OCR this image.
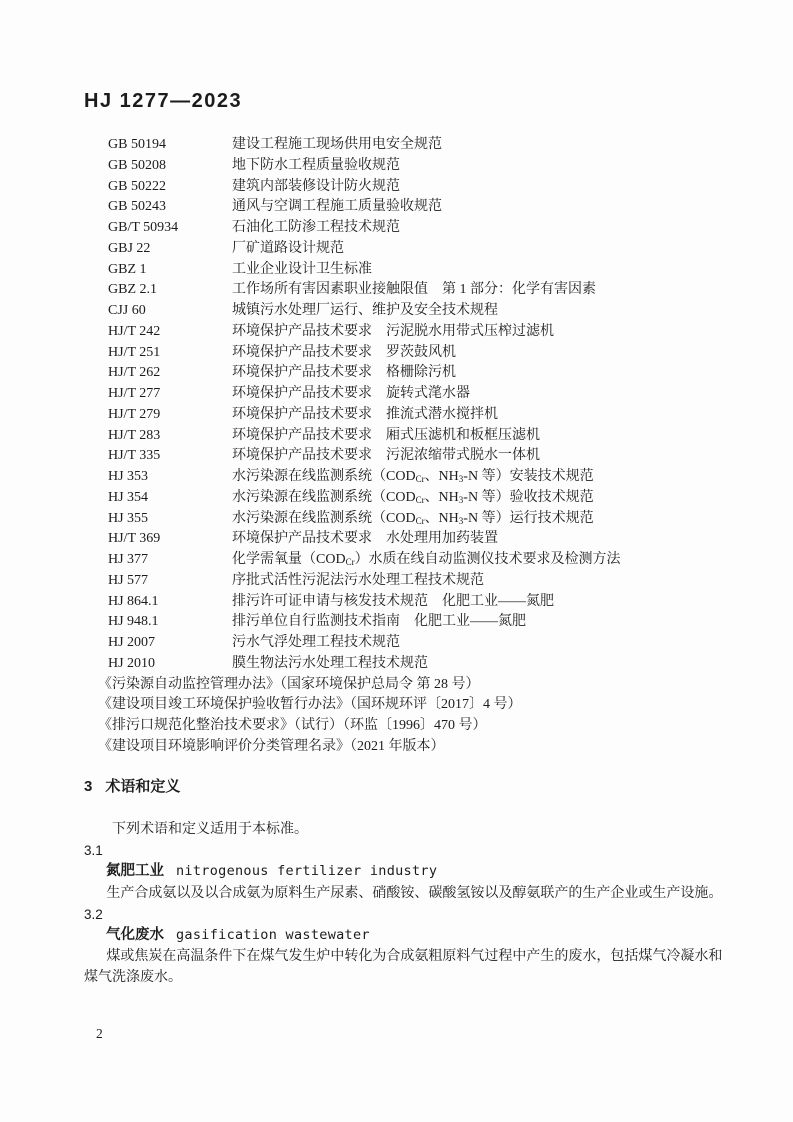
HJ 1277—2023
GB 50194	建设工程施工现场供用电安全规范
GB 50208	地下防水工程质量验收规范
GB 50222	建筑内部装修设计防火规范
GB 50243	通风与空调工程施工质量验收规范
GB/T 50934	石油化工防渗工程技术规范
GBJ 22	厂矿道路设计规范
GBZ 1	工业企业设计卫生标准
GBZ 2.1	工作场所有害因素职业接触限值　第 1 部分：化学有害因素
CJJ 60	城镇污水处理厂运行、维护及安全技术规程
HJ/T 242	环境保护产品技术要求　污泥脱水用带式压榨过滤机
HJ/T 251	环境保护产品技术要求　罗茨鼓风机
HJ/T 262	环境保护产品技术要求　格栅除污机
HJ/T 277	环境保护产品技术要求　旋转式滗水器
HJ/T 279	环境保护产品技术要求　推流式潜水搅拌机
HJ/T 283	环境保护产品技术要求　厢式压滤机和板框压滤机
HJ/T 335	环境保护产品技术要求　污泥浓缩带式脱水一体机
HJ 353	水污染源在线监测系统（$COD_{Cr}$、$NH_3-N$ 等）安装技术规范
HJ 354	水污染源在线监测系统（$COD_{Cr}$、$NH_3-N$ 等）验收技术规范
HJ 355	水污染源在线监测系统（$COD_{Cr}$、$NH_3-N$ 等）运行技术规范
HJ/T 369	环境保护产品技术要求　水处理用加药装置
HJ 377	化学需氧量$(COD_{Cr})$水质在线自动监测仪技术要求及检测方法
HJ 577	序批式活性污泥法污水处理工程技术规范
HJ 864.1	排污许可证申请与核发技术规范　化肥工业——氮肥
HJ 948.1	排污单位自行监测技术指南　化肥工业——氮肥
HJ 2007	污水气浮处理工程技术规范
HJ 2010	膜生物法污水处理工程技术规范
《污染源自动监控管理办法》（国家环境保护总局令 第 28 号）
《建设项目竣工环境保护验收暂行办法》（国环规环评〔2017〕4 号）
《排污口规范化整治技术要求》（试行）（环监〔1996〕470 号）
《建设项目环境影响评价分类管理名录》（2021 年版本）
3 术语和定义

下列术语和定义适用于本标准。

3.1
氮肥工业 nitrogenous fertilizer industry

生产合成氨以及以合成氨为原料生产尿素、硝酸铵、碳酸氢铵以及醇氨联产的生产企业或生产设施。

3.2
气化废水 gasification wastewater

煤或焦炭在高温条件下在煤气发生炉中转化为合成氨粗原料气过程中产生的废水，包括煤气冷凝水和煤气洗涤废水。

2
